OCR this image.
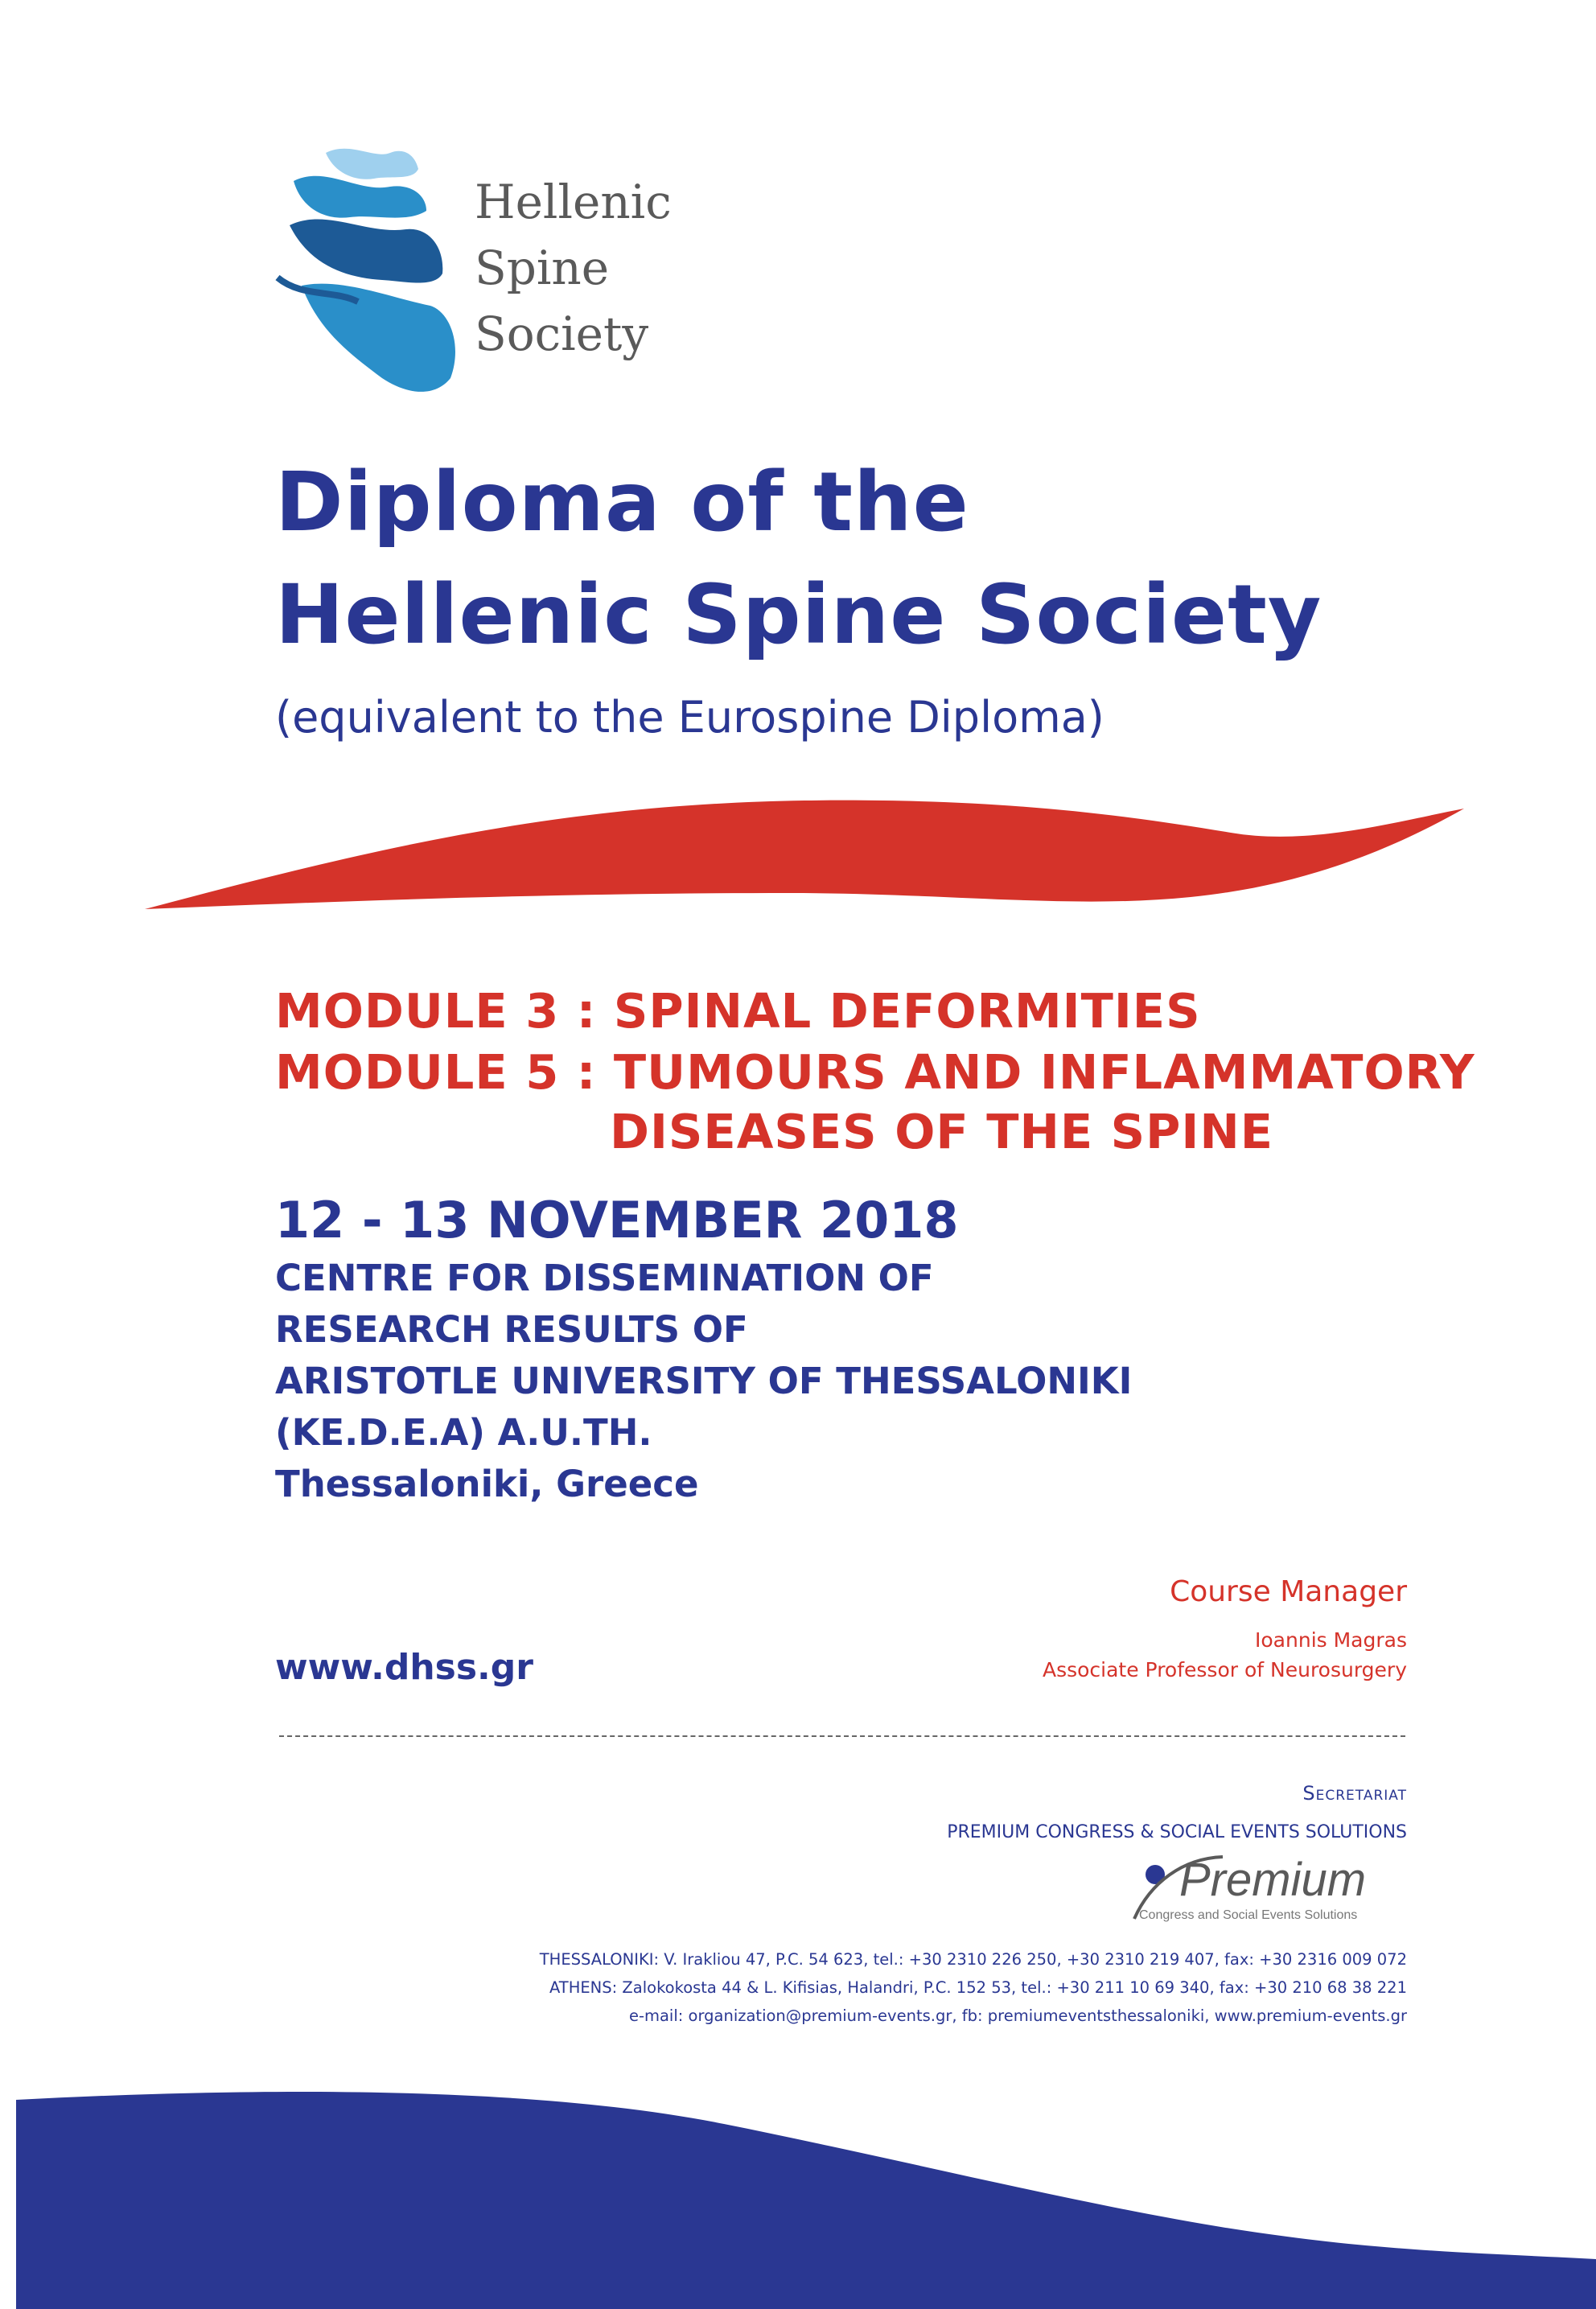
Hellenic
Spine
Society
Diploma of the
Hellenic Spine Society
(equivalent to the Eurospine Diploma)
MODULE 3 : SPINAL DEFORMITIES
MODULE 5 : TUMOURS AND INFLAMMATORY
DISEASES OF THE SPINE
12 - 13 NOVEMBER 2018
CENTRE FOR DISSEMINATION OF
RESEARCH RESULTS OF
ARISTOTLE UNIVERSITY OF THESSALONIKI
(KE.D.E.A) A.U.TH.
Thessaloniki, Greece
Course Manager
Ioannis Magras
Associate Professor of Neurosurgery
www.dhss.gr
Secretariat
PREMIUM CONGRESS & SOCIAL EVENTS SOLUTIONS
Premium
Congress and Social Events Solutions
THESSALONIKI: V. Irakliou 47, P.C. 54 623, tel.: +30 2310 226 250, +30 2310 219 407, fax: +30 2316 009 072
ATHENS: Zalokokosta 44 & L. Kifisias, Halandri, P.C. 152 53, tel.: +30 211 10 69 340, fax: +30 210 68 38 221
e-mail: organization@premium-events.gr, fb: premiumeventsthessaloniki, www.premium-events.gr
